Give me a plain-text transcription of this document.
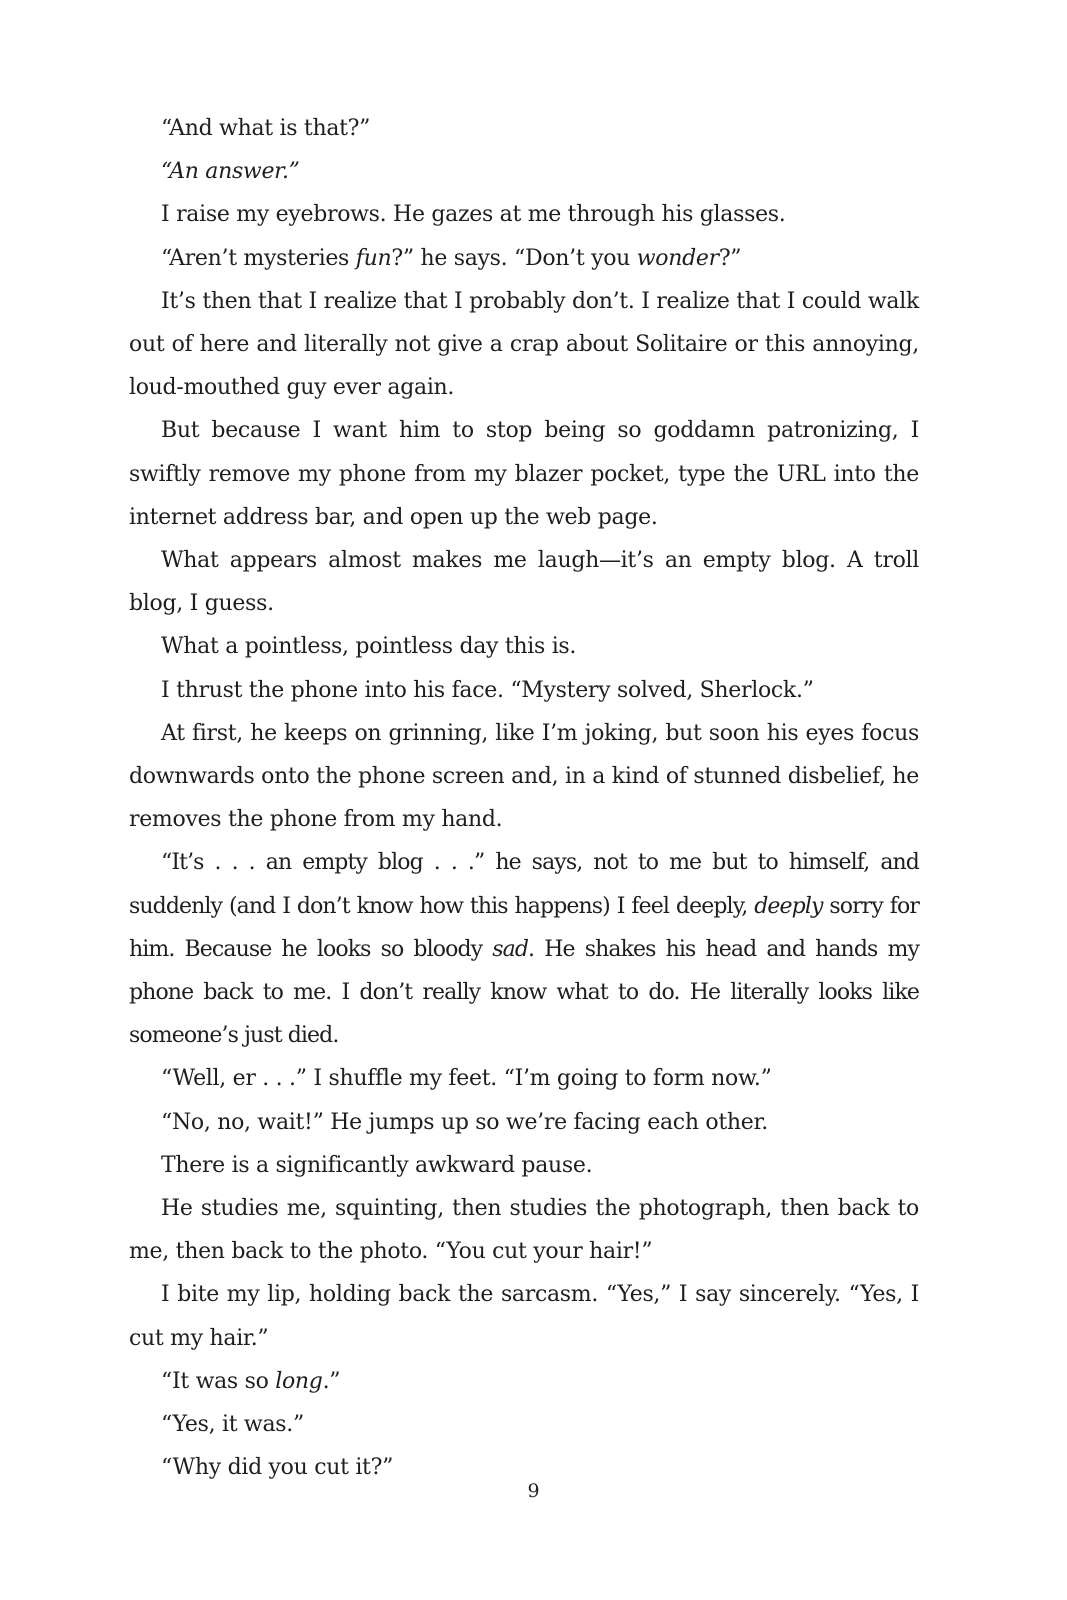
“And what is that?”

“An answer.”

I raise my eyebrows. He gazes at me through his glasses.

“Aren’t mysteries fun?” he says. “Don’t you wonder?”

It’s then that I realize that I probably don’t. I realize that I could walk out of here and literally not give a crap about Solitaire or this annoying, loud-mouthed guy ever again.

But because I want him to stop being so goddamn patronizing, I swiftly remove my phone from my blazer pocket, type the URL into the internet address bar, and open up the web page.

What appears almost makes me laugh—it’s an empty blog. A troll blog, I guess.

What a pointless, pointless day this is.

I thrust the phone into his face. “Mystery solved, Sherlock.”

At first, he keeps on grinning, like I’m joking, but soon his eyes focus downwards onto the phone screen and, in a kind of stunned disbelief, he removes the phone from my hand.

“It’s . . . an empty blog . . .” he says, not to me but to himself, and suddenly (and I don’t know how this happens) I feel deeply, deeply sorry for him. Because he looks so bloody sad. He shakes his head and hands my phone back to me. I don’t really know what to do. He literally looks like someone’s just died.

“Well, er . . .” I shuffle my feet. “I’m going to form now.”

“No, no, wait!” He jumps up so we’re facing each other.

There is a significantly awkward pause.

He studies me, squinting, then studies the photograph, then back to me, then back to the photo. “You cut your hair!”

I bite my lip, holding back the sarcasm. “Yes,” I say sincerely. “Yes, I cut my hair.”

“It was so long.”

“Yes, it was.”

“Why did you cut it?”

9
